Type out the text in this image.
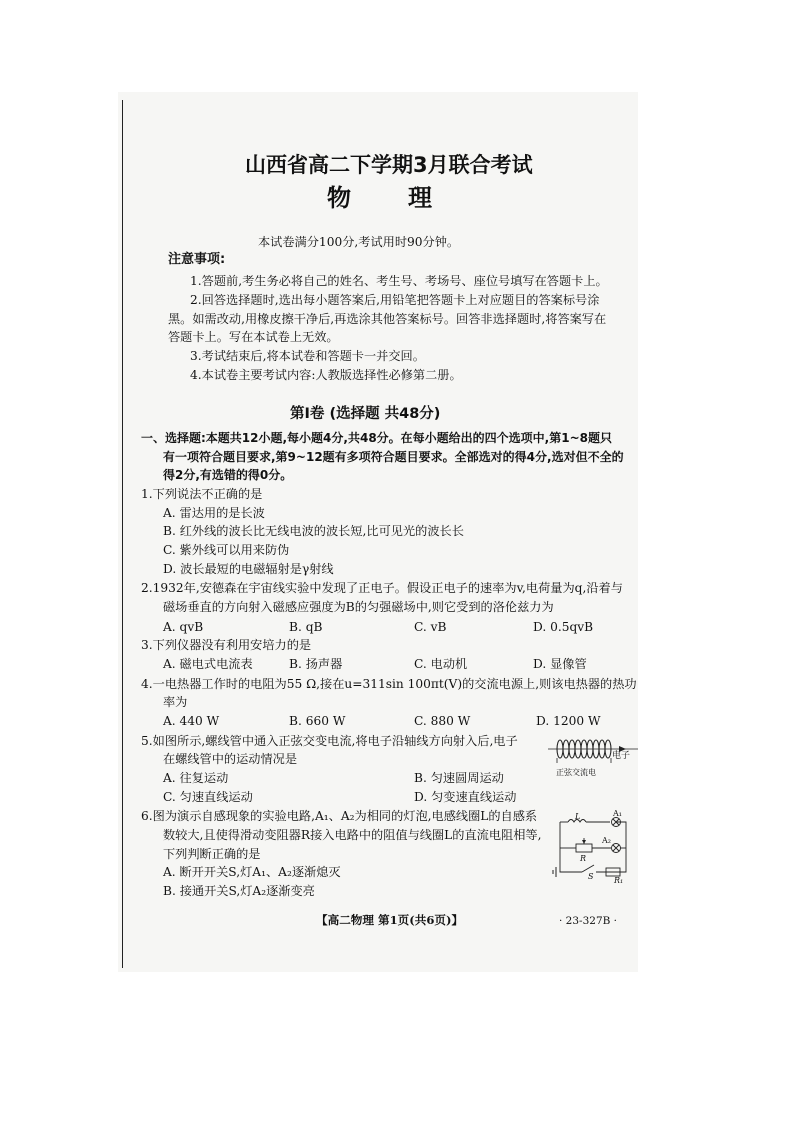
山西省高二下学期3月联合考试
物 理
本试卷满分100分,考试用时90分钟。
注意事项:
1.答题前,考生务必将自己的姓名、考生号、考场号、座位号填写在答题卡上。
2.回答选择题时,选出每小题答案后,用铅笔把答题卡上对应题目的答案标号涂
黑。如需改动,用橡皮擦干净后,再选涂其他答案标号。回答非选择题时,将答案写在
答题卡上。写在本试卷上无效。
3.考试结束后,将本试卷和答题卡一并交回。
4.本试卷主要考试内容:人教版选择性必修第二册。
第Ⅰ卷 (选择题 共48分)
一、选择题:本题共12小题,每小题4分,共48分。在每小题给出的四个选项中,第1~8题只
有一项符合题目要求,第9~12题有多项符合题目要求。全部选对的得4分,选对但不全的
得2分,有选错的得0分。
1.下列说法不正确的是
A. 雷达用的是长波
B. 红外线的波长比无线电波的波长短,比可见光的波长长
C. 紫外线可以用来防伪
D. 波长最短的电磁辐射是γ射线
2.1932年,安德森在宇宙线实验中发现了正电子。假设正电子的速率为v,电荷量为q,沿着与
磁场垂直的方向射入磁感应强度为B的匀强磁场中,则它受到的洛伦兹力为
A. qvB	B. qB	C. vB	D. 0.5qvB
3.下列仪器没有利用安培力的是
A. 磁电式电流表	B. 扬声器	C. 电动机	D. 显像管
4.一电热器工作时的电阻为55 Ω,接在u=311sin 100πt(V)的交流电源上,则该电热器的热功
率为
A. 440 W	B. 660 W	C. 880 W	D. 1200 W
5.如图所示,螺线管中通入正弦交变电流,将电子沿轴线方向射入后,电子
在螺线管中的运动情况是
A. 往复运动	B. 匀速圆周运动
C. 匀速直线运动	D. 匀变速直线运动
电子
正弦交流电
6.图为演示自感现象的实验电路,A₁、A₂为相同的灯泡,电感线圈L的自感系
数较大,且使得滑动变阻器R接入电路中的阻值与线圈L的直流电阻相等,
下列判断正确的是
A. 断开开关S,灯A₁、A₂逐渐熄灭
B. 接通开关S,灯A₂逐渐变亮
L	A₁
A₂
R
S	R₁
【高二物理 第1页(共6页)】	· 23-327B ·
